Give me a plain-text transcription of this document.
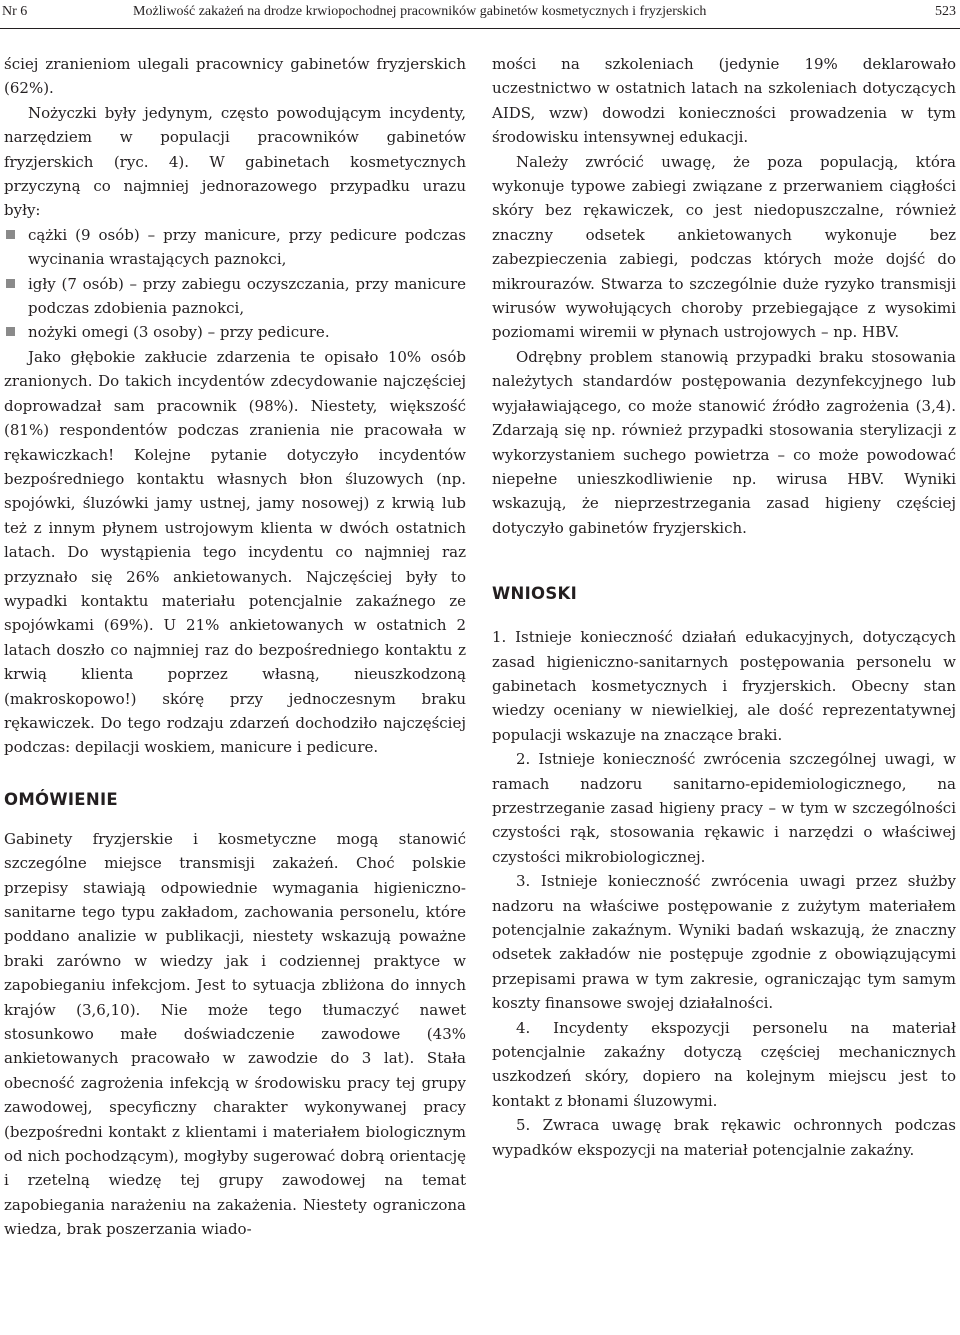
Nr 6	Możliwość zakażeń na drodze krwiopochodnej pracowników gabinetów kosmetycznych i fryzjerskich	523

ściej zranieniom ulegali pracownicy gabinetów fryzjerskich (62%).

Nożyczki były jedynym, często powodującym incydenty, narzędziem w populacji pracowników gabinetów fryzjerskich (ryc. 4). W gabinetach kosmetycznych przyczyną co najmniej jednorazowego przypadku urazu były:

cążki (9 osób) – przy manicure, przy pedicure podczas wycinania wrastających paznokci,

igły (7 osób) – przy zabiegu oczyszczania, przy manicure podczas zdobienia paznokci,

nożyki omegi (3 osoby) – przy pedicure.

Jako głębokie zakłucie zdarzenia te opisało 10% osób zranionych. Do takich incydentów zdecydowanie najczęściej doprowadzał sam pracownik (98%). Niestety, większość (81%) respondentów podczas zranienia nie pracowała w rękawiczkach! Kolejne pytanie dotyczyło incydentów bezpośredniego kontaktu własnych błon śluzowych (np. spojówki, śluzówki jamy ustnej, jamy nosowej) z krwią lub też z innym płynem ustrojowym klienta w dwóch ostatnich latach. Do wystąpienia tego incydentu co najmniej raz przyznało się 26% ankietowanych. Najczęściej były to wypadki kontaktu materiału potencjalnie zakaźnego ze spojówkami (69%). U 21% ankietowanych w ostatnich 2 latach doszło co najmniej raz do bezpośredniego kontaktu z krwią klienta poprzez własną, nieuszkodzoną (makroskopowo!) skórę przy jednoczesnym braku rękawiczek. Do tego rodzaju zdarzeń dochodziło najczęściej podczas: depilacji woskiem, manicure i pedicure.

OMÓWIENIE

Gabinety fryzjerskie i kosmetyczne mogą stanowić szczególne miejsce transmisji zakażeń. Choć polskie przepisy stawiają odpowiednie wymagania higieniczno-sanitarne tego typu zakładom, zachowania personelu, które poddano analizie w publikacji, niestety wskazują poważne braki zarówno w wiedzy jak i codziennej praktyce w zapobieganiu infekcjom. Jest to sytuacja zbliżona do innych krajów (3,6,10). Nie może tego tłumaczyć nawet stosunkowo małe doświadczenie zawodowe (43% ankietowanych pracowało w zawodzie do 3 lat). Stała obecność zagrożenia infekcją w środowisku pracy tej grupy zawodowej, specyficzny charakter wykonywanej pracy (bezpośredni kontakt z klientami i materiałem biologicznym od nich pochodzącym), mogłyby sugerować dobrą orientację i rzetelną wiedzę tej grupy zawodowej na temat zapobiegania narażeniu na zakażenia. Niestety ograniczona wiedza, brak poszerzania wiado-

mości na szkoleniach (jedynie 19% deklarowało uczestnictwo w ostatnich latach na szkoleniach dotyczących AIDS, wzw) dowodzi konieczności prowadzenia w tym środowisku intensywnej edukacji.

Należy zwrócić uwagę, że poza populacją, która wykonuje typowe zabiegi związane z przerwaniem ciągłości skóry bez rękawiczek, co jest niedopuszczalne, również znaczny odsetek ankietowanych wykonuje bez zabezpieczenia zabiegi, podczas których może dojść do mikrourazów. Stwarza to szczególnie duże ryzyko transmisji wirusów wywołujących choroby przebiegające z wysokimi poziomami wiremii w płynach ustrojowych – np. HBV.

Odrębny problem stanowią przypadki braku stosowania należytych standardów postępowania dezynfekcyjnego lub wyjaławiającego, co może stanowić źródło zagrożenia (3,4). Zdarzają się np. również przypadki stosowania sterylizacji z wykorzystaniem suchego powietrza – co może powodować niepełne unieszkodliwienie np. wirusa HBV. Wyniki wskazują, że nieprzestrzegania zasad higieny częściej dotyczyło gabinetów fryzjerskich.

WNIOSKI

1. Istnieje konieczność działań edukacyjnych, dotyczących zasad higieniczno-sanitarnych postępowania personelu w gabinetach kosmetycznych i fryzjerskich. Obecny stan wiedzy oceniany w niewielkiej, ale dość reprezentatywnej populacji wskazuje na znaczące braki.

2. Istnieje konieczność zwrócenia szczególnej uwagi, w ramach nadzoru sanitarno-epidemiologicznego, na przestrzeganie zasad higieny pracy – w tym w szczególności czystości rąk, stosowania rękawic i narzędzi o właściwej czystości mikrobiologicznej.

3. Istnieje konieczność zwrócenia uwagi przez służby nadzoru na właściwe postępowanie z zużytym materiałem potencjalnie zakaźnym. Wyniki badań wskazują, że znaczny odsetek zakładów nie postępuje zgodnie z obowiązującymi przepisami prawa w tym zakresie, ograniczając tym samym koszty finansowe swojej działalności.

4. Incydenty ekspozycji personelu na materiał potencjalnie zakaźny dotyczą częściej mechanicznych uszkodzeń skóry, dopiero na kolejnym miejscu jest to kontakt z błonami śluzowymi.

5. Zwraca uwagę brak rękawic ochronnych podczas wypadków ekspozycji na materiał potencjalnie zakaźny.
